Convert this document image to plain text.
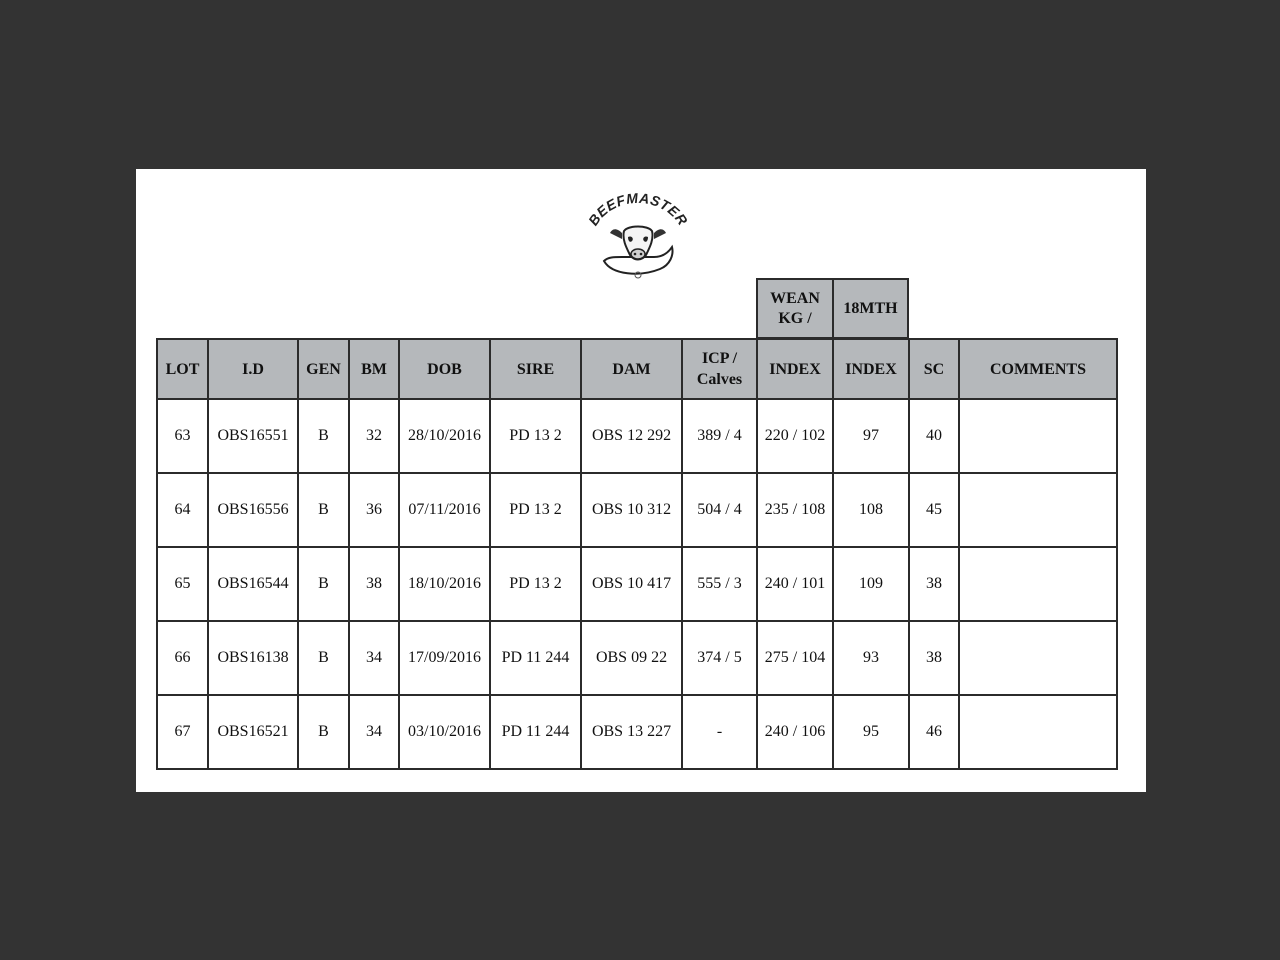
BEEFMASTER
WEAN KG /
18MTH
LOT	I.D	GEN	BM	DOB	SIRE	DAM	ICP / Calves	INDEX	INDEX	SC	COMMENTS
63	OBS16551	B	32	28/10/2016	PD 13 2	OBS 12 292	389 / 4	220 / 102	97	40	
64	OBS16556	B	36	07/11/2016	PD 13 2	OBS 10 312	504 / 4	235 / 108	108	45	
65	OBS16544	B	38	18/10/2016	PD 13 2	OBS 10 417	555 / 3	240 / 101	109	38	
66	OBS16138	B	34	17/09/2016	PD 11 244	OBS 09 22	374 / 5	275 / 104	93	38	
67	OBS16521	B	34	03/10/2016	PD 11 244	OBS 13 227	-	240 / 106	95	46	
